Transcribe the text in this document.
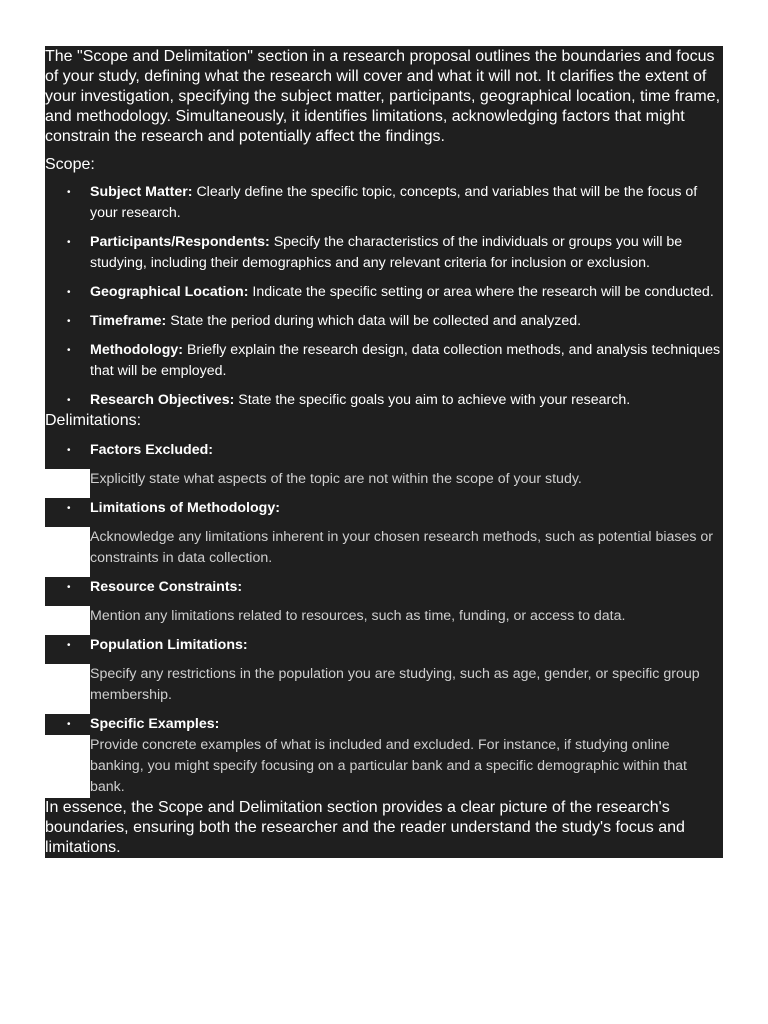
The "Scope and Delimitation" section in a research proposal outlines the boundaries and focus of your study, defining what the research will cover and what it will not. It clarifies the extent of your investigation, specifying the subject matter, participants, geographical location, time frame, and methodology. Simultaneously, it identifies limitations, acknowledging factors that might constrain the research and potentially affect the findings.

Scope:

• Subject Matter: Clearly define the specific topic, concepts, and variables that will be the focus of your research.
• Participants/Respondents: Specify the characteristics of the individuals or groups you will be studying, including their demographics and any relevant criteria for inclusion or exclusion.
• Geographical Location: Indicate the specific setting or area where the research will be conducted.
• Timeframe: State the period during which data will be collected and analyzed.
• Methodology: Briefly explain the research design, data collection methods, and analysis techniques that will be employed.
• Research Objectives: State the specific goals you aim to achieve with your research.

Delimitations:

• Factors Excluded:
Explicitly state what aspects of the topic are not within the scope of your study.
• Limitations of Methodology:
Acknowledge any limitations inherent in your chosen research methods, such as potential biases or constraints in data collection.
• Resource Constraints:
Mention any limitations related to resources, such as time, funding, or access to data.
• Population Limitations:
Specify any restrictions in the population you are studying, such as age, gender, or specific group membership.
• Specific Examples:
Provide concrete examples of what is included and excluded. For instance, if studying online banking, you might specify focusing on a particular bank and a specific demographic within that bank.

In essence, the Scope and Delimitation section provides a clear picture of the research's boundaries, ensuring both the researcher and the reader understand the study's focus and limitations.
